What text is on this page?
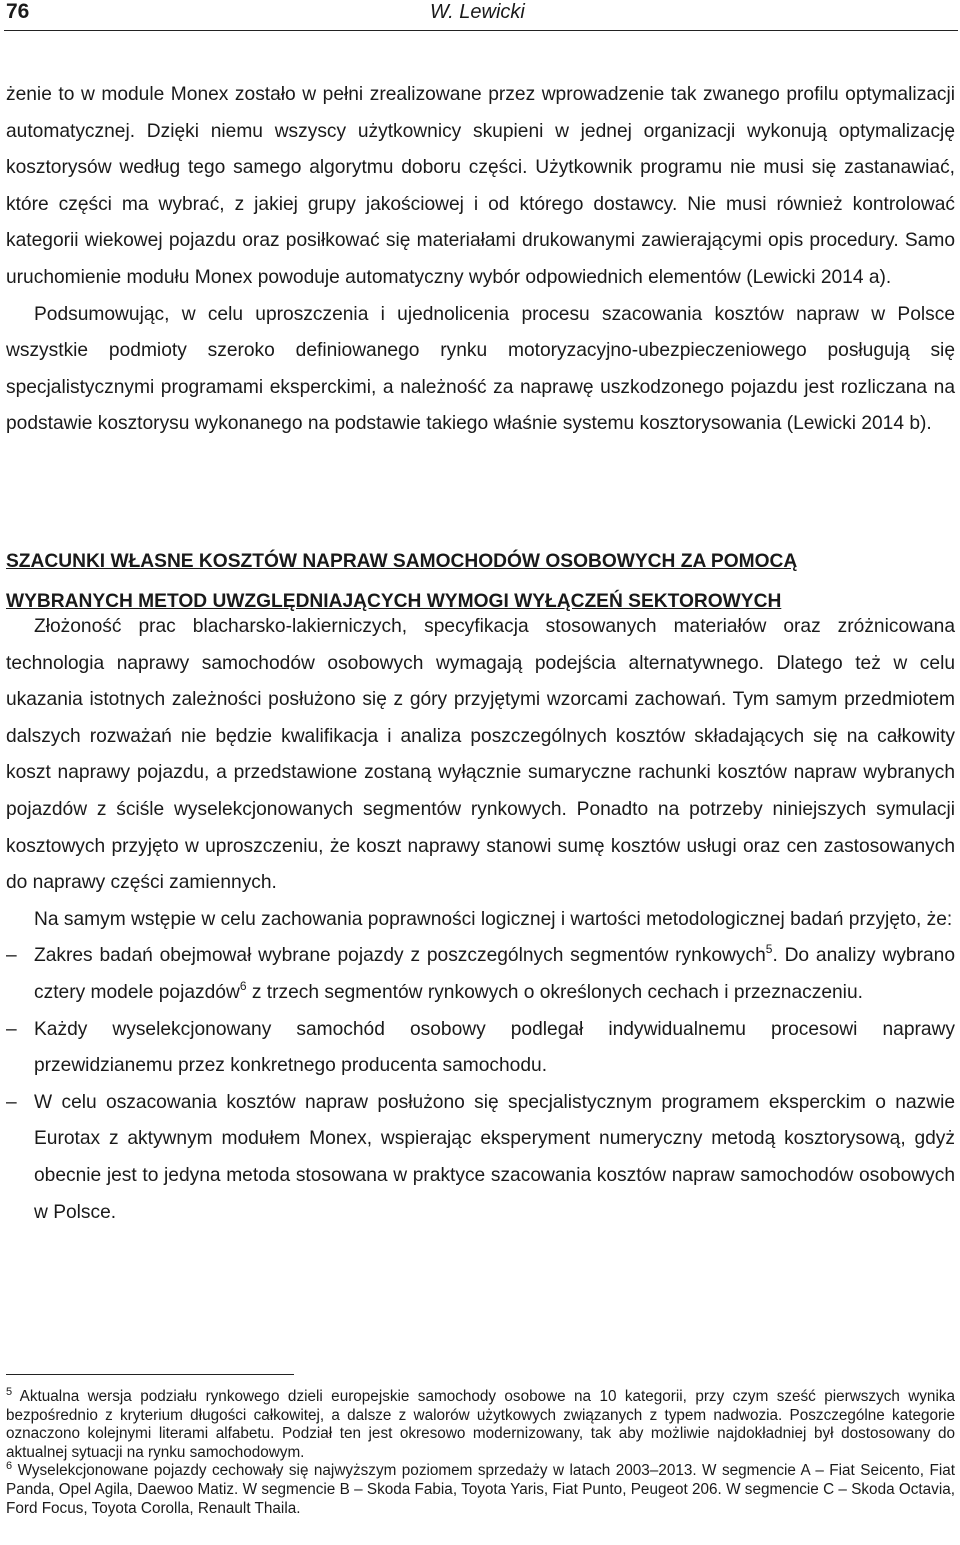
76	W. Lewicki

żenie to w module Monex zostało w pełni zrealizowane przez wprowadzenie tak zwanego profilu optymalizacji automatycznej. Dzięki niemu wszyscy użytkownicy skupieni w jednej organizacji wykonują optymalizację kosztorysów według tego samego algorytmu doboru części. Użytkownik programu nie musi się zastanawiać, które części ma wybrać, z jakiej grupy jakościowej i od którego dostawcy. Nie musi również kontrolować kategorii wiekowej pojazdu oraz posiłkować się materiałami drukowanymi zawierającymi opis procedury. Samo uruchomienie modułu Monex powoduje automatyczny wybór odpowiednich elementów (Lewicki 2014 a).

Podsumowując, w celu uproszczenia i ujednolicenia procesu szacowania kosztów napraw w Polsce wszystkie podmioty szeroko definiowanego rynku motoryzacyjno-ubezpieczeniowego posługują się specjalistycznymi programami eksperckimi, a należność za naprawę uszkodzonego pojazdu jest rozliczana na podstawie kosztorysu wykonanego na podstawie takiego właśnie systemu kosztorysowania (Lewicki 2014 b).

SZACUNKI WŁASNE KOSZTÓW NAPRAW SAMOCHODÓW OSOBOWYCH ZA POMOCĄ
WYBRANYCH METOD UWZGLĘDNIAJĄCYCH WYMOGI WYŁĄCZEŃ SEKTOROWYCH

Złożoność prac blacharsko-lakierniczych, specyfikacja stosowanych materiałów oraz zróżnicowana technologia naprawy samochodów osobowych wymagają podejścia alternatywnego. Dlatego też w celu ukazania istotnych zależności posłużono się z góry przyjętymi wzorcami zachowań. Tym samym przedmiotem dalszych rozważań nie będzie kwalifikacja i analiza poszczególnych kosztów składających się na całkowity koszt naprawy pojazdu, a przedstawione zostaną wyłącznie sumaryczne rachunki kosztów napraw wybranych pojazdów z ściśle wyselekcjonowanych segmentów rynkowych. Ponadto na potrzeby niniejszych symulacji kosztowych przyjęto w uproszczeniu, że koszt naprawy stanowi sumę kosztów usługi oraz cen zastosowanych do naprawy części zamiennych.

Na samym wstępie w celu zachowania poprawności logicznej i wartości metodologicznej badań przyjęto, że:

– Zakres badań obejmował wybrane pojazdy z poszczególnych segmentów rynkowych$^5$. Do analizy wybrano cztery modele pojazdów$^6$ z trzech segmentów rynkowych o określonych cechach i przeznaczeniu.
– Każdy wyselekcjonowany samochód osobowy podlegał indywidualnemu procesowi naprawy przewidzianemu przez konkretnego producenta samochodu.
– W celu oszacowania kosztów napraw posłużono się specjalistycznym programem eksperckim o nazwie Eurotax z aktywnym modułem Monex, wspierając eksperyment numeryczny metodą kosztorysową, gdyż obecnie jest to jedyna metoda stosowana w praktyce szacowania kosztów napraw samochodów osobowych w Polsce.

$^5$ Aktualna wersja podziału rynkowego dzieli europejskie samochody osobowe na 10 kategorii, przy czym sześć pierwszych wynika bezpośrednio z kryterium długości całkowitej, a dalsze z walorów użytkowych związanych z typem nadwozia. Poszczególne kategorie oznaczono kolejnymi literami alfabetu. Podział ten jest okresowo modernizowany, tak aby możliwie najdokładniej był dostosowany do aktualnej sytuacji na rynku samochodowym.

$^6$ Wyselekcjonowane pojazdy cechowały się najwyższym poziomem sprzedaży w latach 2003–2013. W segmencie A – Fiat Seicento, Fiat Panda, Opel Agila, Daewoo Matiz. W segmencie B – Skoda Fabia, Toyota Yaris, Fiat Punto, Peugeot 206. W segmencie C – Skoda Octavia, Ford Focus, Toyota Corolla, Renault Thaila.
